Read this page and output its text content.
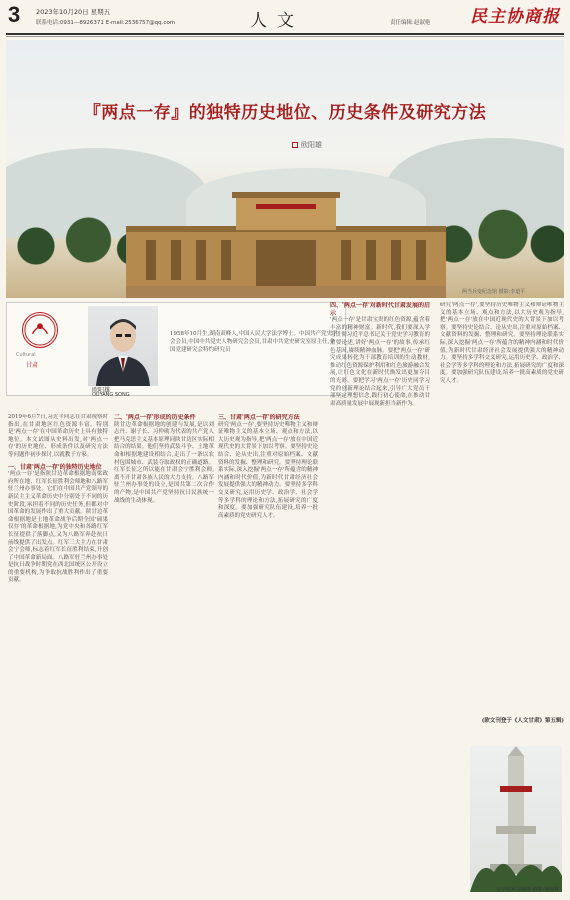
3 2023年10月20日 星期五
联系电话:0931—8926371 E-mail:2536757@qq.com	人文	责任编辑:赵淑艳 民主协商报
『两点一存』的独特历史地位、历史条件及研究方法
欧阳雄
两当兵变纪念馆 摄影:李道平
Cultural
甘肃
欧阳雄
OUYANG SONG
1958年10月生,湖南双峰人,中国人民大学法学博士。中国共产党史学会会员,中国中共党史人物研究会会员,甘肃中共党史研究室原主任,全国党建研究会特约研究员

2019年6月7日,习近平同志在甘肃视察时指出,在甘肃地区红色资源丰富。特别是'两点一存'在中国革命历史上具有独特地位。本文试图从史料出发,对'两点一存'的历史地位、形成条件以及研究方法等问题作初步探讨,以就教于方家。

一、甘肃'两点一存'的独特历史地位

'两点一存'是指陕甘边革命根据地南梁政府所在地、红军长征胜利会师地和八路军驻兰州办事处。它们在中国共产党领导的新民主主义革命历史中分别处于不同的历史阶段,承担着不同的历史任务,但都对中国革命的发展作出了重大贡献。陕甘边革命根据地是土地革命战争后期全国'硕果仅存'的革命根据地,为党中央和各路红军长征提供了落脚点,又为八路军奔赴抗日前线提供了出发点。红军三大主力在甘肃会宁会师,标志着红军长征胜利结束,开创了中国革命新局面。八路军驻兰州办事处是抗日战争时期党在西北国统区公开设立的重要机构,为争取抗战胜利作出了重要贡献。

二、'两点一存'形成的历史条件

陕甘边革命根据地的创建与发展,是以刘志丹、谢子长、习仲勋为代表的共产党人把马克思主义基本原理同陕甘边区实际相结合的结果。他们坚持武装斗争、土地革命和根据地建设相结合,走出了一条以农村包围城市、武装夺取政权的正确道路。红军长征之所以能在甘肃会宁胜利会师,离不开甘肃各族人民的大力支持。八路军驻兰州办事处的设立,是国共第二次合作的产物,是中国共产党坚持抗日民族统一战线的生动体现。

三、甘肃'两点一存'的研究方法

研究'两点一存',要坚持历史唯物主义和辩证唯物主义的基本立场、观点和方法,以大历史观为指导,把'两点一存'放在中国近现代史的大背景下加以考察。要坚持史论结合、论从史出,注重对原始档案、文献资料的发掘、整理和研究。要坚持理论联系实际,深入挖掘'两点一存'所蕴含的精神内涵和时代价值,为新时代甘肃经济社会发展提供强大的精神动力。要坚持多学科交叉研究,运用历史学、政治学、社会学等多学科的理论和方法,拓展研究的广度和深度。要加强研究队伍建设,培养一批高素质的党史研究人才。

四、'两点一存'对新时代甘肃发展的启示

'两点一存'是甘肃宝贵的红色资源,蕴含着丰富的精神财富。新时代,我们要深入学习贯彻习近平总书记关于党史学习教育的重要论述,讲好'两点一存'的故事,传承红色基因,赓续精神血脉。要把'两点一存'研究成果转化为干部教育培训的生动教材,推动红色资源保护利用和红色旅游融合发展,让红色文化在新时代焕发出更加夺目的光彩。要把学习'两点一存'历史同学习党的创新理论结合起来,引导广大党员干部坚定理想信念,践行初心使命,在推动甘肃高质量发展中展现新担当新作为。

研究'两点一存',要坚持历史唯物主义和辩证唯物主义的基本立场、观点和方法,以大历史观为指导,把'两点一存'放在中国近现代史的大背景下加以考察。要坚持史论结合、论从史出,注重对原始档案、文献资料的发掘、整理和研究。要坚持理论联系实际,深入挖掘'两点一存'所蕴含的精神内涵和时代价值,为新时代甘肃经济社会发展提供强大的精神动力。要坚持多学科交叉研究,运用历史学、政治学、社会学等多学科的理论和方法,拓展研究的广度和深度。要加强研究队伍建设,培养一批高素质的党史研究人才。

(欧文刊登于《人文甘肃》第五辑)
会宁红军会师塔 摄影:何叔林
